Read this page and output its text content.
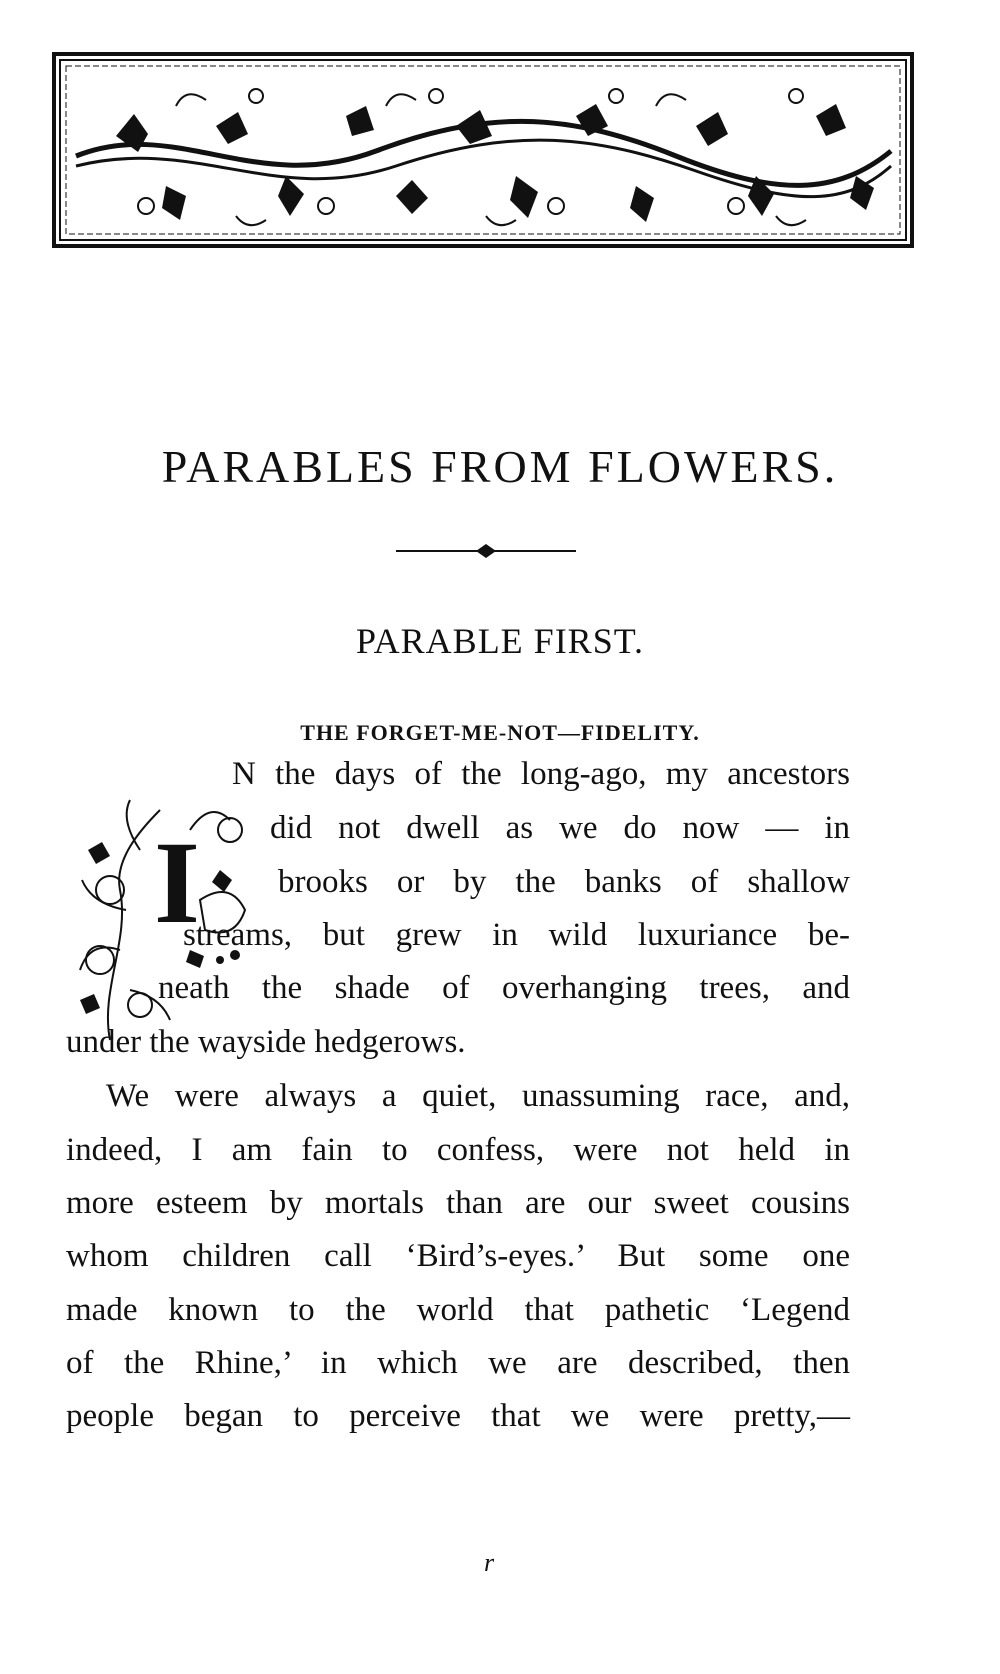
PARABLES FROM FLOWERS.
PARABLE FIRST.
THE FORGET-ME-NOT—FIDELITY.
I
N the days of the long-ago, my ancestors
did not dwell as we do now — in
brooks or by the banks of shallow
streams, but grew in wild luxuriance be-
neath the shade of overhanging trees, and
under the wayside hedgerows.
We were always a quiet, unassuming race, and,
indeed, I am fain to confess, were not held in
more esteem by mortals than are our sweet cousins
whom children call ‘Bird’s-eyes.’ But some one
made known to the world that pathetic ‘Legend
of the Rhine,’ in which we are described, then
people began to perceive that we were pretty,—
r
